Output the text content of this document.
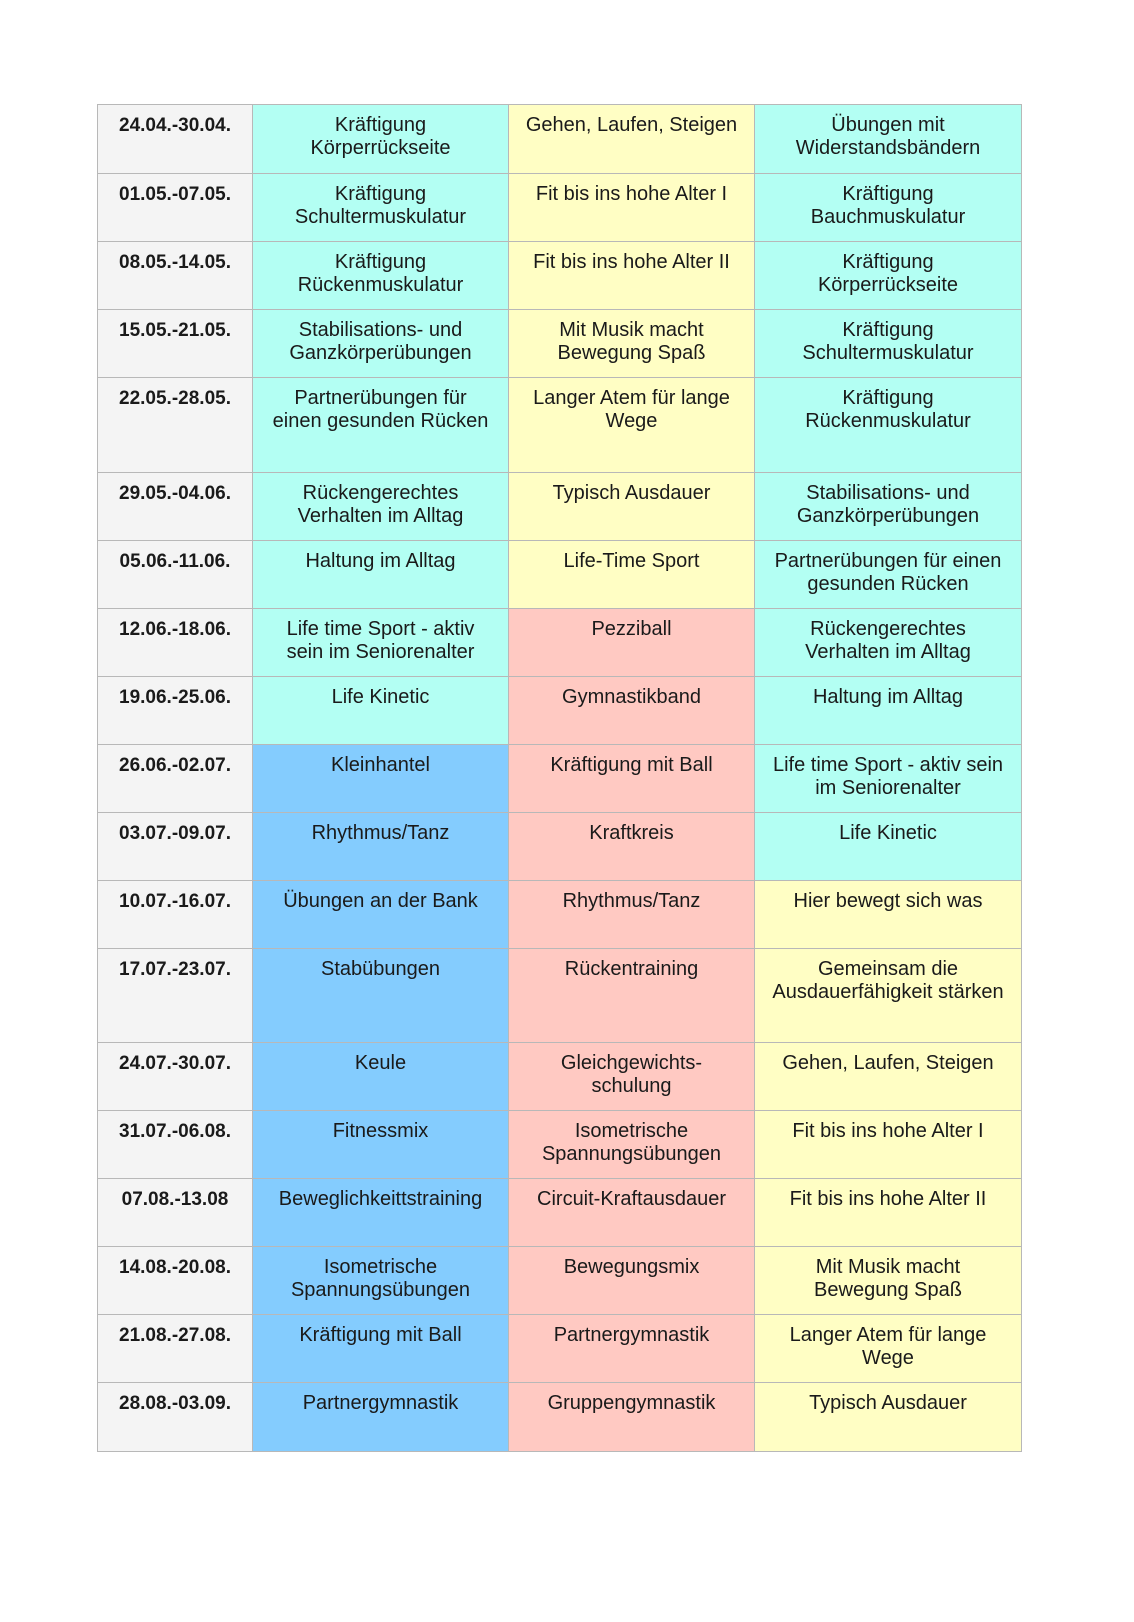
24.04.-30.04.	Kräftigung
Körperrückseite	Gehen, Laufen, Steigen	Übungen mit
Widerstandsbändern
01.05.-07.05.	Kräftigung
Schultermuskulatur	Fit bis ins hohe Alter I	Kräftigung
Bauchmuskulatur
08.05.-14.05.	Kräftigung
Rückenmuskulatur	Fit bis ins hohe Alter II	Kräftigung
Körperrückseite
15.05.-21.05.	Stabilisations- und
Ganzkörperübungen	Mit Musik macht
Bewegung Spaß	Kräftigung
Schultermuskulatur
22.05.-28.05.	Partnerübungen für
einen gesunden Rücken	Langer Atem für lange
Wege	Kräftigung
Rückenmuskulatur
29.05.-04.06.	Rückengerechtes
Verhalten im Alltag	Typisch Ausdauer	Stabilisations- und
Ganzkörperübungen
05.06.-11.06.	Haltung im Alltag	Life-Time Sport	Partnerübungen für einen
gesunden Rücken
12.06.-18.06.	Life time Sport - aktiv
sein im Seniorenalter	Pezziball	Rückengerechtes
Verhalten im Alltag
19.06.-25.06.	Life Kinetic	Gymnastikband	Haltung im Alltag
26.06.-02.07.	Kleinhantel	Kräftigung mit Ball	Life time Sport - aktiv sein
im Seniorenalter
03.07.-09.07.	Rhythmus/Tanz	Kraftkreis	Life Kinetic
10.07.-16.07.	Übungen an der Bank	Rhythmus/Tanz	Hier bewegt sich was
17.07.-23.07.	Stabübungen	Rückentraining	Gemeinsam die
Ausdauerfähigkeit stärken
24.07.-30.07.	Keule	Gleichgewichts-
schulung	Gehen, Laufen, Steigen
31.07.-06.08.	Fitnessmix	Isometrische
Spannungsübungen	Fit bis ins hohe Alter I
07.08.-13.08	Beweglichkeittstraining	Circuit-Kraftausdauer	Fit bis ins hohe Alter II
14.08.-20.08.	Isometrische
Spannungsübungen	Bewegungsmix	Mit Musik macht
Bewegung Spaß
21.08.-27.08.	Kräftigung mit Ball	Partnergymnastik	Langer Atem für lange
Wege
28.08.-03.09.	Partnergymnastik	Gruppengymnastik	Typisch Ausdauer
